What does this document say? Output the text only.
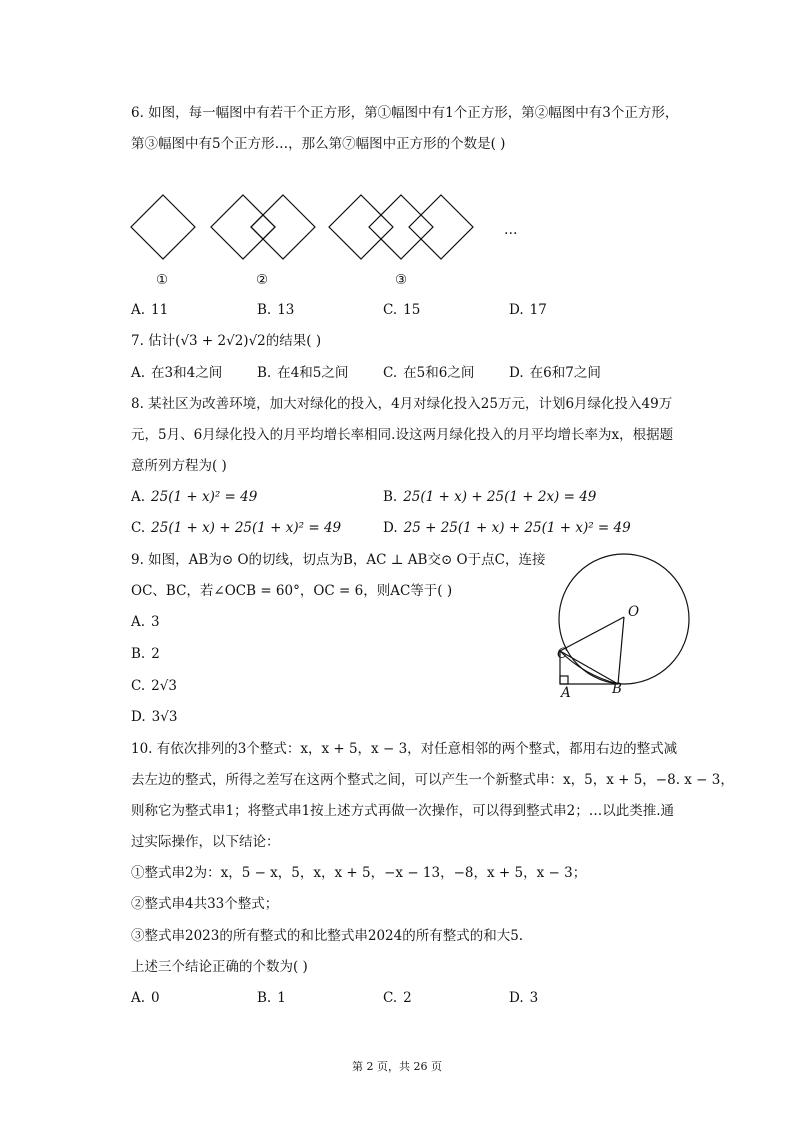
6. 如图，每一幅图中有若干个正方形，第①幅图中有1个正方形，第②幅图中有3个正方形，
第③幅图中有5个正方形…，那么第⑦幅图中正方形的个数是( )
…
①	②	③
A. 11	B. 13	C. 15	D. 17
7. 估计(√3 + 2√2)√2的结果( )
A. 在3和4之间	B. 在4和5之间	C. 在5和6之间	D. 在6和7之间
8. 某社区为改善环境，加大对绿化的投入，4月对绿化投入25万元，计划6月绿化投入49万
元，5月、6月绿化投入的月平均增长率相同.设这两月绿化投入的月平均增长率为x，根据题
意所列方程为( )
A. 25(1 + x)² = 49	B. 25(1 + x) + 25(1 + 2x) = 49
C. 25(1 + x) + 25(1 + x)² = 49	D. 25 + 25(1 + x) + 25(1 + x)² = 49
9. 如图，AB为⊙ O的切线，切点为B，AC ⊥ AB交⊙ O于点C，连接
OC、BC，若∠OCB = 60°，OC = 6，则AC等于( )
A. 3
B. 2
C. 2√3
D. 3√3
O
C
A	B
10. 有依次排列的3个整式：x，x + 5，x − 3，对任意相邻的两个整式，都用右边的整式减
去左边的整式，所得之差写在这两个整式之间，可以产生一个新整式串：x，5，x + 5，−8. x − 3，
则称它为整式串1；将整式串1按上述方式再做一次操作，可以得到整式串2；…以此类推.通
过实际操作，以下结论：
①整式串2为：x，5 − x，5，x，x + 5，−x − 13，−8，x + 5，x − 3；
②整式串4共33个整式；
③整式串2023的所有整式的和比整式串2024的所有整式的和大5.
上述三个结论正确的个数为( )
A. 0	B. 1	C. 2	D. 3
第 2 页，共 26 页
